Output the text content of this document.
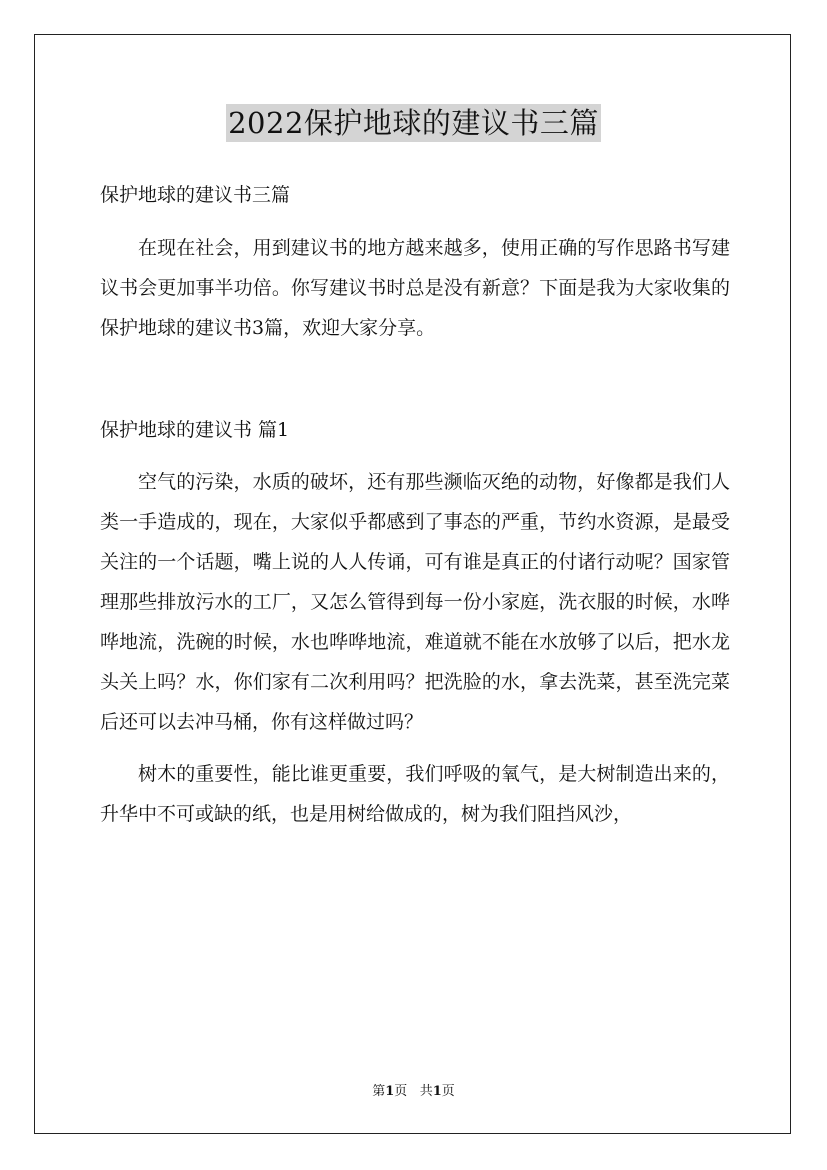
2022保护地球的建议书三篇

保护地球的建议书三篇

在现在社会，用到建议书的地方越来越多，使用正确的写作思路书写建议书会更加事半功倍。你写建议书时总是没有新意？下面是我为大家收集的保护地球的建议书3篇，欢迎大家分享。

保护地球的建议书 篇1

空气的污染，水质的破坏，还有那些濒临灭绝的动物，好像都是我们人类一手造成的，现在，大家似乎都感到了事态的严重，节约水资源，是最受关注的一个话题，嘴上说的人人传诵，可有谁是真正的付诸行动呢？国家管理那些排放污水的工厂，又怎么管得到每一份小家庭，洗衣服的时候，水哗哗地流，洗碗的时候，水也哗哗地流，难道就不能在水放够了以后，把水龙头关上吗？水，你们家有二次利用吗？把洗脸的水，拿去洗菜，甚至洗完菜后还可以去冲马桶，你有这样做过吗？

树木的重要性，能比谁更重要，我们呼吸的氧气，是大树制造出来的，升华中不可或缺的纸，也是用树给做成的，树为我们阻挡风沙，

第1页 共1页
